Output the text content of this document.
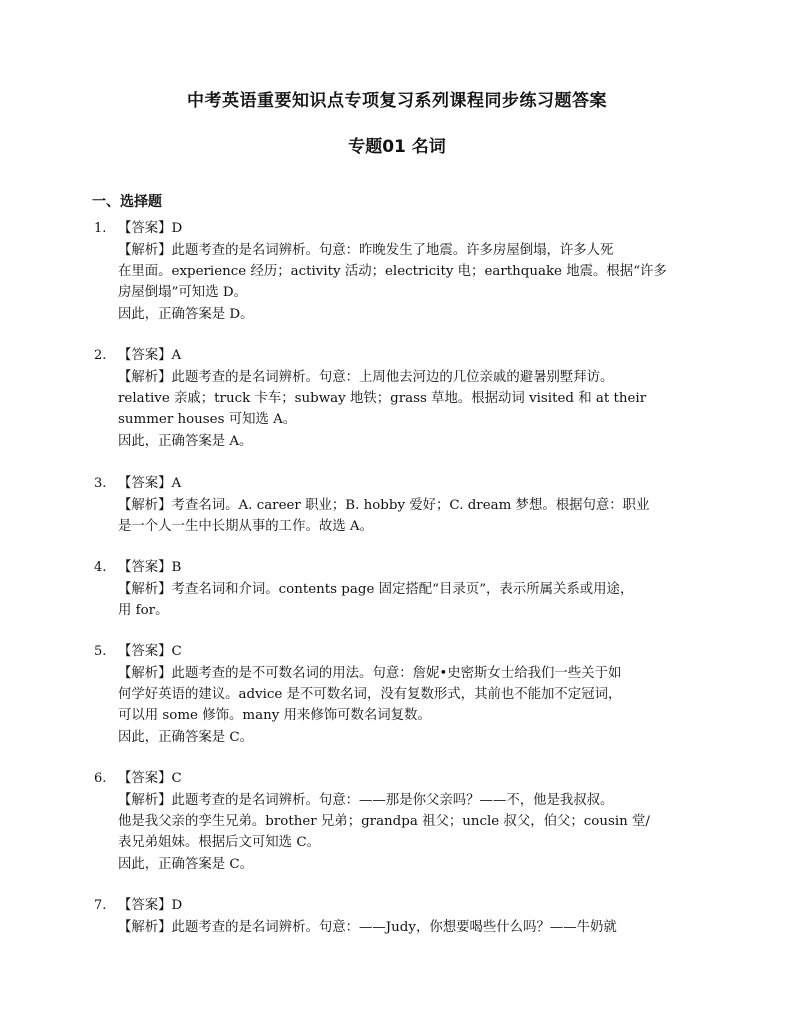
中考英语重要知识点专项复习系列课程同步练习题答案
专题01 名词
一、选择题
1. 【答案】D
【解析】此题考查的是名词辨析。句意：昨晚发生了地震。许多房屋倒塌，许多人死
在里面。experience 经历；activity 活动；electricity 电；earthquake 地震。根据“许多
房屋倒塌”可知选 D。
因此，正确答案是 D。
2. 【答案】A
【解析】此题考查的是名词辨析。句意：上周他去河边的几位亲戚的避暑别墅拜访。
relative 亲戚；truck 卡车；subway 地铁；grass 草地。根据动词 visited 和 at their
summer houses 可知选 A。
因此，正确答案是 A。
3. 【答案】A
【解析】考查名词。A. career 职业；B. hobby 爱好；C. dream 梦想。根据句意：职业
是一个人一生中长期从事的工作。故选 A。
4. 【答案】B
【解析】考查名词和介词。contents page 固定搭配“目录页”，表示所属关系或用途，
用 for。
5. 【答案】C
【解析】此题考查的是不可数名词的用法。句意：詹妮•史密斯女士给我们一些关于如
何学好英语的建议。advice 是不可数名词，没有复数形式，其前也不能加不定冠词，
可以用 some 修饰。many 用来修饰可数名词复数。
因此，正确答案是 C。
6. 【答案】C
【解析】此题考查的是名词辨析。句意：——那是你父亲吗？——不，他是我叔叔。
他是我父亲的孪生兄弟。brother 兄弟；grandpa 祖父；uncle 叔父，伯父；cousin 堂/
表兄弟姐妹。根据后文可知选 C。
因此，正确答案是 C。
7. 【答案】D
【解析】此题考查的是名词辨析。句意：——Judy，你想要喝些什么吗？——牛奶就
